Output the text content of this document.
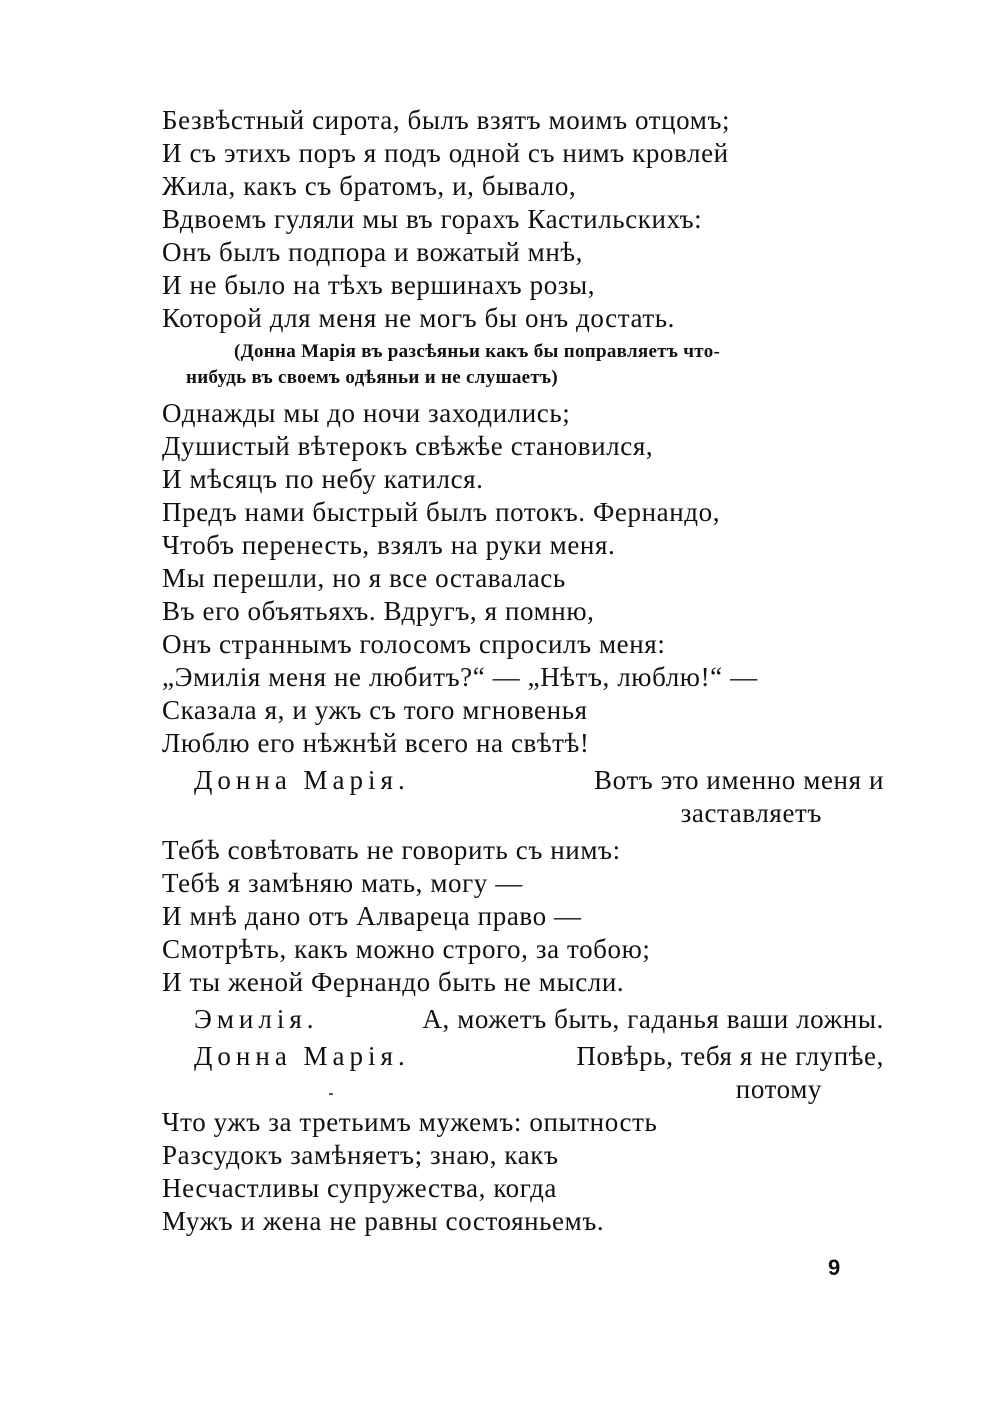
Безвѣстный сирота, былъ взятъ моимъ отцомъ;
И съ этихъ поръ я подъ одной съ нимъ кровлей
Жила, какъ съ братомъ, и, бывало,
Вдвоемъ гуляли мы въ горахъ Кастильскихъ:
Онъ былъ подпора и вожатый мнѣ,
И не было на тѣхъ вершинахъ розы,
Которой для меня не могъ бы онъ достать.
(Донна Марія въ разсѣяньи какъ бы поправляетъ что-
нибудь въ своемъ одѣяньи и не слушаетъ)
Однажды мы до ночи заходились;
Душистый вѣтерокъ свѣжѣе становился,
И мѣсяцъ по небу катился.
Предъ нами быстрый былъ потокъ. Фернандо,
Чтобъ перенесть, взялъ на руки меня.
Мы перешли, но я все оставалась
Въ его объятьяхъ. Вдругъ, я помню,
Онъ страннымъ голосомъ спросилъ меня:
„Эмилія меня не любитъ?“ — „Нѣтъ, люблю!“ —
Сказала я, и ужъ съ того мгновенья
Люблю его нѣжнѣй всего на свѣтѣ!
Донна Марія.	Вотъ это именно меня и
заставляетъ
Тебѣ совѣтовать не говорить съ нимъ:
Тебѣ я замѣняю мать, могу —
И мнѣ дано отъ Алвареца право —
Смотрѣть, какъ можно строго, за тобою;
И ты женой Фернандо быть не мысли.
Эмилія.	А, можетъ быть, гаданья ваши ложны.
Донна Марія.	Повѣрь, тебя я не глупѣе,
потому
Что ужъ за третьимъ мужемъ: опытность
Разсудокъ замѣняетъ; знаю, какъ
Несчастливы супружества, когда
Мужъ и жена не равны состояньемъ.
9
